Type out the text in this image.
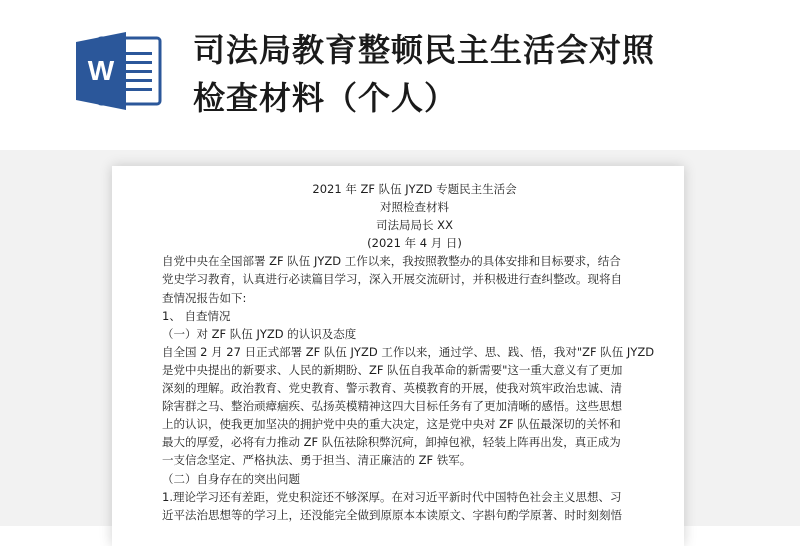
W
司法局教育整顿民主生活会对照
检查材料（个人）
2021 年 ZF 队伍 JYZD 专题民主生活会
对照检查材料
司法局局长 XX
(2021 年 4 月 日)
自党中央在全国部署 ZF 队伍 JYZD 工作以来，我按照教整办的具体安排和目标要求，结合
党史学习教育，认真进行必读篇目学习，深入开展交流研讨，并积极进行查纠整改。现将自
查情况报告如下:
1、 自查情况
（一）对 ZF 队伍 JYZD 的认识及态度
自全国 2 月 27 日正式部署 ZF 队伍 JYZD 工作以来，通过学、思、践、悟，我对"ZF 队伍 JYZD
是党中央提出的新要求、人民的新期盼、ZF 队伍自我革命的新需要"这一重大意义有了更加
深刻的理解。政治教育、党史教育、警示教育、英模教育的开展，使我对筑牢政治忠诚、清
除害群之马、整治顽瘴痼疾、弘扬英模精神这四大目标任务有了更加清晰的感悟。这些思想
上的认识，使我更加坚决的拥护党中央的重大决定，这是党中央对 ZF 队伍最深切的关怀和
最大的厚爱，必将有力推动 ZF 队伍祛除积弊沉疴，卸掉包袱，轻装上阵再出发，真正成为
一支信念坚定、严格执法、勇于担当、清正廉洁的 ZF 铁军。
（二）自身存在的突出问题
1.理论学习还有差距，党史积淀还不够深厚。在对习近平新时代中国特色社会主义思想、习
近平法治思想等的学习上，还没能完全做到原原本本读原文、字斟句酌学原著、时时刻刻悟
